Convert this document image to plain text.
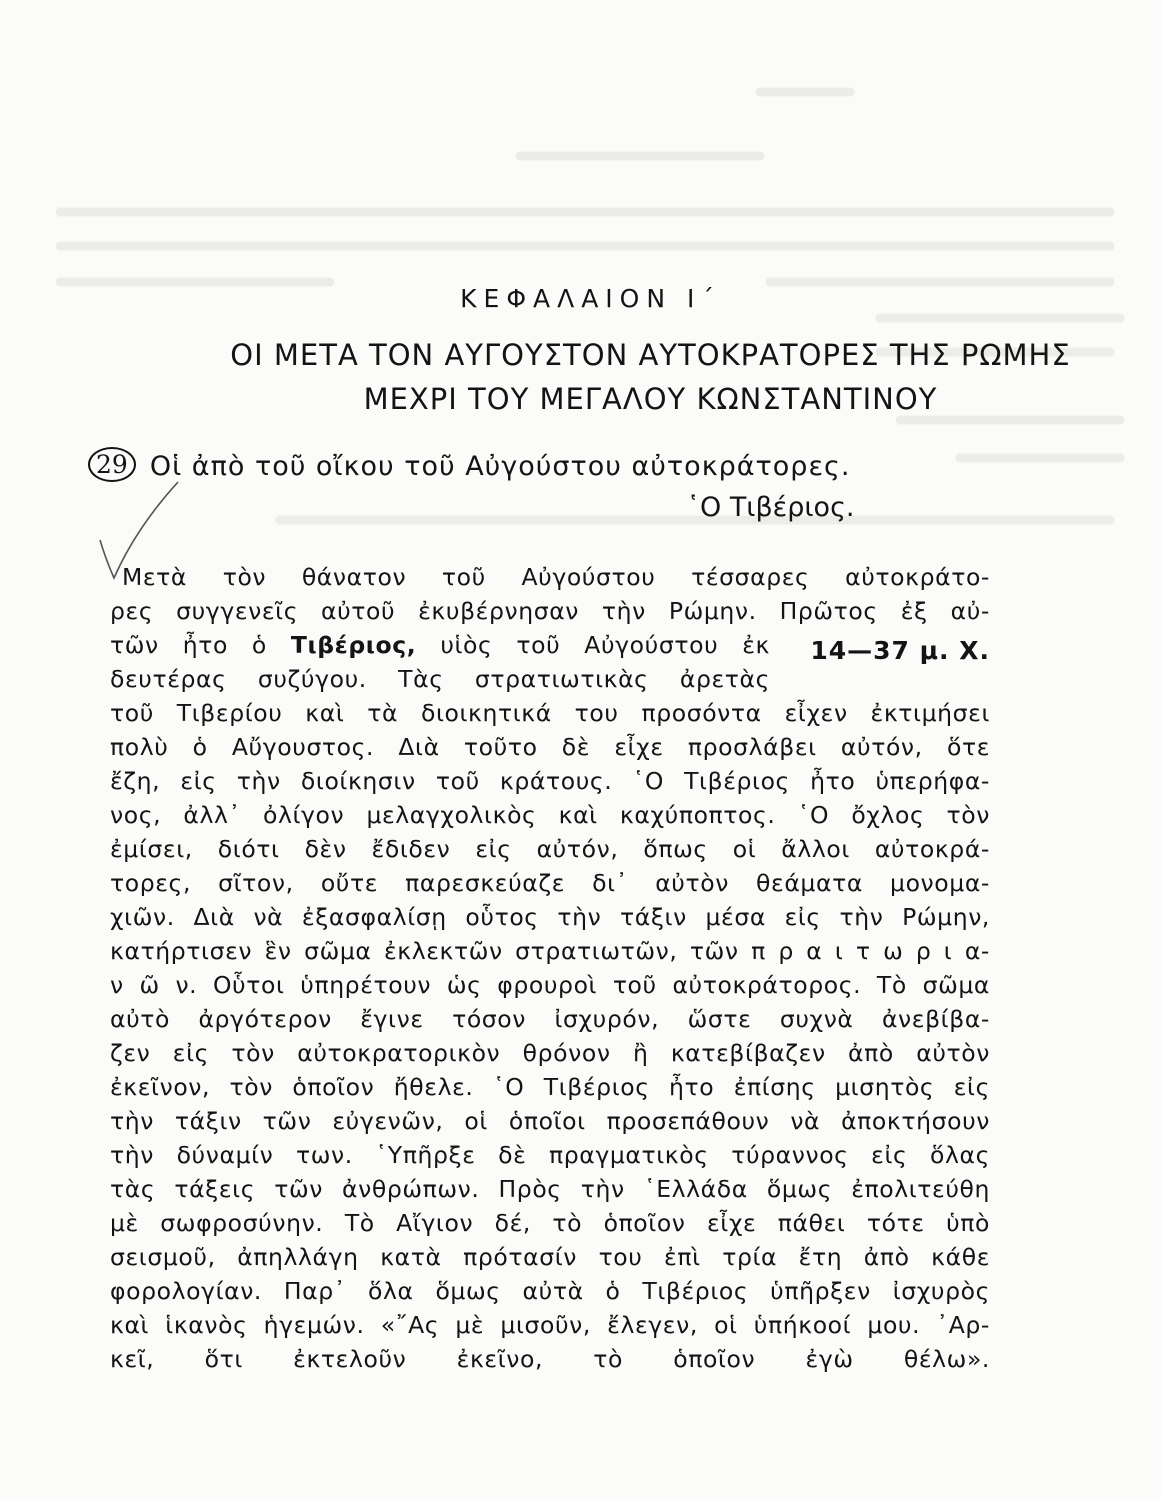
ΚΕΦΑΛΑΙΟΝ Ι΄
ΟΙ ΜΕΤΑ ΤΟΝ ΑΥΓΟΥΣΤΟΝ ΑΥΤΟΚΡΑΤΟΡΕΣ ΤΗΣ ΡΩΜΗΣ
ΜΕΧΡΙ ΤΟΥ ΜΕΓΑΛΟΥ ΚΩΝΣΤΑΝΤΙΝΟΥ
29 Οἱ ἀπὸ τοῦ οἴκου τοῦ Αὐγούστου αὐτοκράτορες.
῾Ο Τιβέριος.
Μετὰ τὸν θάνατον τοῦ Αὐγούστου τέσσαρες αὐτοκράτο-
ρες συγγενεῖς αὐτοῦ ἐκυβέρνησαν τὴν Ρώμην. Πρῶτος ἐξ αὐ-
τῶν ἦτο ὁ Τιβέριος, υἱὸς τοῦ Αὐγούστου ἐκ
δευτέρας συζύγου. Τὰς στρατιωτικὰς ἀρετὰς
14—37 μ. Χ.
τοῦ Τιβερίου καὶ τὰ διοικητικά του προσόντα εἶχεν ἐκτιμήσει
πολὺ ὁ Αὔγουστος. Διὰ τοῦτο δὲ εἶχε προσλάβει αὐτόν, ὅτε
ἔζη, εἰς τὴν διοίκησιν τοῦ κράτους. ῾Ο Τιβέριος ἦτο ὑπερήφα-
νος, ἀλλ᾽ ὀλίγον μελαγχολικὸς καὶ καχύποπτος. ῾Ο ὄχλος τὸν
ἐμίσει, διότι δὲν ἔδιδεν εἰς αὐτόν, ὅπως οἱ ἄλλοι αὐτοκρά-
τορες, σῖτον, οὔτε παρεσκεύαζε δι᾽ αὐτὸν θεάματα μονομα-
χιῶν. Διὰ νὰ ἐξασφαλίσῃ οὗτος τὴν τάξιν μέσα εἰς τὴν Ρώμην,
κατήρτισεν ἓν σῶμα ἐκλεκτῶν στρατιωτῶν, τῶν π ρ α ι τ ω ρ ι α-
ν ῶ ν. Οὗτοι ὑπηρέτουν ὡς φρουροὶ τοῦ αὐτοκράτορος. Τὸ σῶμα
αὐτὸ ἀργότερον ἔγινε τόσον ἰσχυρόν, ὥστε συχνὰ ἀνεβίβα-
ζεν εἰς τὸν αὐτοκρατορικὸν θρόνον ἢ κατεβίβαζεν ἀπὸ αὐτὸν
ἐκεῖνον, τὸν ὁποῖον ἤθελε. ῾Ο Τιβέριος ἦτο ἐπίσης μισητὸς εἰς
τὴν τάξιν τῶν εὐγενῶν, οἱ ὁποῖοι προσεπάθουν νὰ ἀποκτήσουν
τὴν δύναμίν των. ῾Υπῆρξε δὲ πραγματικὸς τύραννος εἰς ὅλας
τὰς τάξεις τῶν ἀνθρώπων. Πρὸς τὴν ῾Ελλάδα ὅμως ἐπολιτεύθη
μὲ σωφροσύνην. Τὸ Αἴγιον δέ, τὸ ὁποῖον εἶχε πάθει τότε ὑπὸ
σεισμοῦ, ἀπηλλάγη κατὰ πρότασίν του ἐπὶ τρία ἔτη ἀπὸ κάθε
φορολογίαν. Παρ᾽ ὅλα ὅμως αὐτὰ ὁ Τιβέριος ὑπῆρξεν ἰσχυρὸς
καὶ ἱκανὸς ἡγεμών. «῎Ας μὲ μισοῦν, ἔλεγεν, οἱ ὑπήκοοί μου. ᾿Αρ-
κεῖ, ὅτι ἐκτελοῦν ἐκεῖνο, τὸ ὁποῖον ἐγὼ θέλω».
